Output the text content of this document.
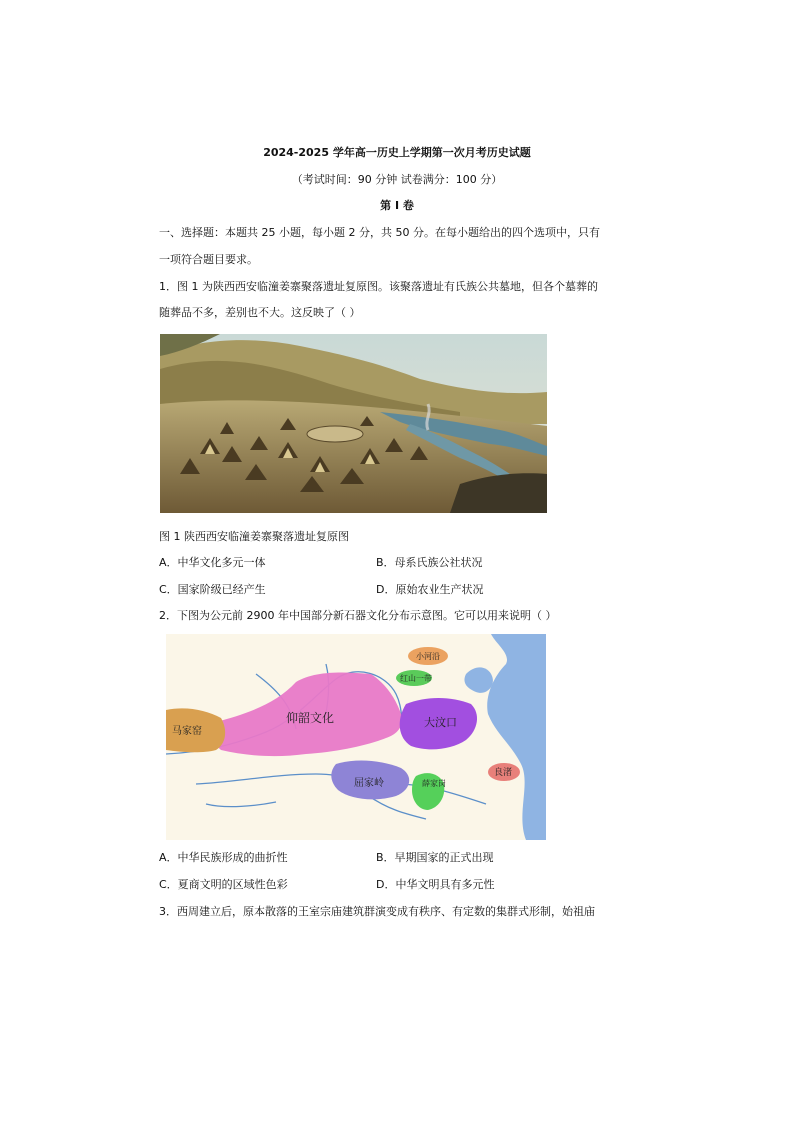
2024-2025 学年高一历史上学期第一次月考历史试题
（考试时间：90 分钟 试卷满分：100 分）
第 I 卷
一、选择题：本题共 25 小题，每小题 2 分，共 50 分。在每小题给出的四个选项中，只有
一项符合题目要求。
1．图 1 为陕西西安临潼姜寨聚落遗址复原图。该聚落遗址有氏族公共墓地，但各个墓葬的
随葬品不多，差别也不大。这反映了（ ）
图 1 陕西西安临潼姜寨聚落遗址复原图
A．中华文化多元一体	B．母系氏族公社状况
C．国家阶级已经产生	D．原始农业生产状况
2．下图为公元前 2900 年中国部分新石器文化分布示意图。它可以用来说明（ ）
马家窑
仰韶文化	大汶口
屈家岭	薛家岗
良渚
红山一带
小河沿
A．中华民族形成的曲折性	B．早期国家的正式出现
C．夏商文明的区域性色彩	D．中华文明具有多元性
3．西周建立后，原本散落的王室宗庙建筑群演变成有秩序、有定数的集群式形制，始祖庙
